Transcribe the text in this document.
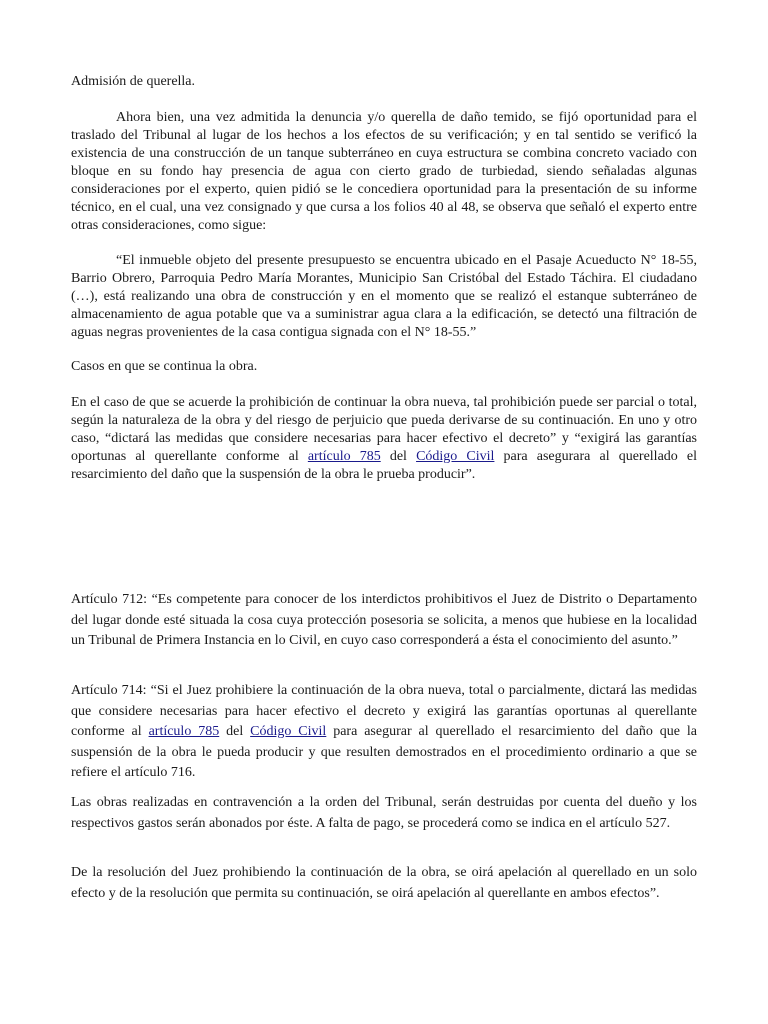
Admisión de querella.

Ahora bien, una vez admitida la denuncia y/o querella de daño temido, se fijó oportunidad para el traslado del Tribunal al lugar de los hechos a los efectos de su verificación; y en tal sentido se verificó la existencia de una construcción de un tanque subterráneo en cuya estructura se combina concreto vaciado con bloque en su fondo hay presencia de agua con cierto grado de turbiedad, siendo señaladas algunas consideraciones por el experto, quien pidió se le concediera oportunidad para la presentación de su informe técnico, en el cual, una vez consignado y que cursa a los folios 40 al 48, se observa que señaló el experto entre otras consideraciones, como sigue:

“El inmueble objeto del presente presupuesto se encuentra ubicado en el Pasaje Acueducto N° 18-55, Barrio Obrero, Parroquia Pedro María Morantes, Municipio San Cristóbal del Estado Táchira. El ciudadano (…), está realizando una obra de construcción y en el momento que se realizó el estanque subterráneo de almacenamiento de agua potable que va a suministrar agua clara a la edificación, se detectó una filtración de aguas negras provenientes de la casa contigua signada con el N° 18-55.”

Casos en que se continua la obra.

En el caso de que se acuerde la prohibición de continuar la obra nueva, tal prohibición puede ser parcial o total, según la naturaleza de la obra y del riesgo de perjuicio que pueda derivarse de su continuación. En uno y otro caso, “dictará las medidas que considere necesarias para hacer efectivo el decreto” y “exigirá las garantías oportunas al querellante conforme al artículo 785 del Código Civil para asegurara al querellado el resarcimiento del daño que la suspensión de la obra le prueba producir”.

Artículo 712: “Es competente para conocer de los interdictos prohibitivos el Juez de Distrito o Departamento del lugar donde esté situada la cosa cuya protección posesoria se solicita, a menos que hubiese en la localidad un Tribunal de Primera Instancia en lo Civil, en cuyo caso corresponderá a ésta el conocimiento del asunto.”

Artículo 714: “Si el Juez prohibiere la continuación de la obra nueva, total o parcialmente, dictará las medidas que considere necesarias para hacer efectivo el decreto y exigirá las garantías oportunas al querellante conforme al artículo 785 del Código Civil para asegurar al querellado el resarcimiento del daño que la suspensión de la obra le pueda producir y que resulten demostrados en el procedimiento ordinario a que se refiere el artículo 716.

Las obras realizadas en contravención a la orden del Tribunal, serán destruidas por cuenta del dueño y los respectivos gastos serán abonados por éste. A falta de pago, se procederá como se indica en el artículo 527.

De la resolución del Juez prohibiendo la continuación de la obra, se oirá apelación al querellado en un solo efecto y de la resolución que permita su continuación, se oirá apelación al querellante en ambos efectos”.
